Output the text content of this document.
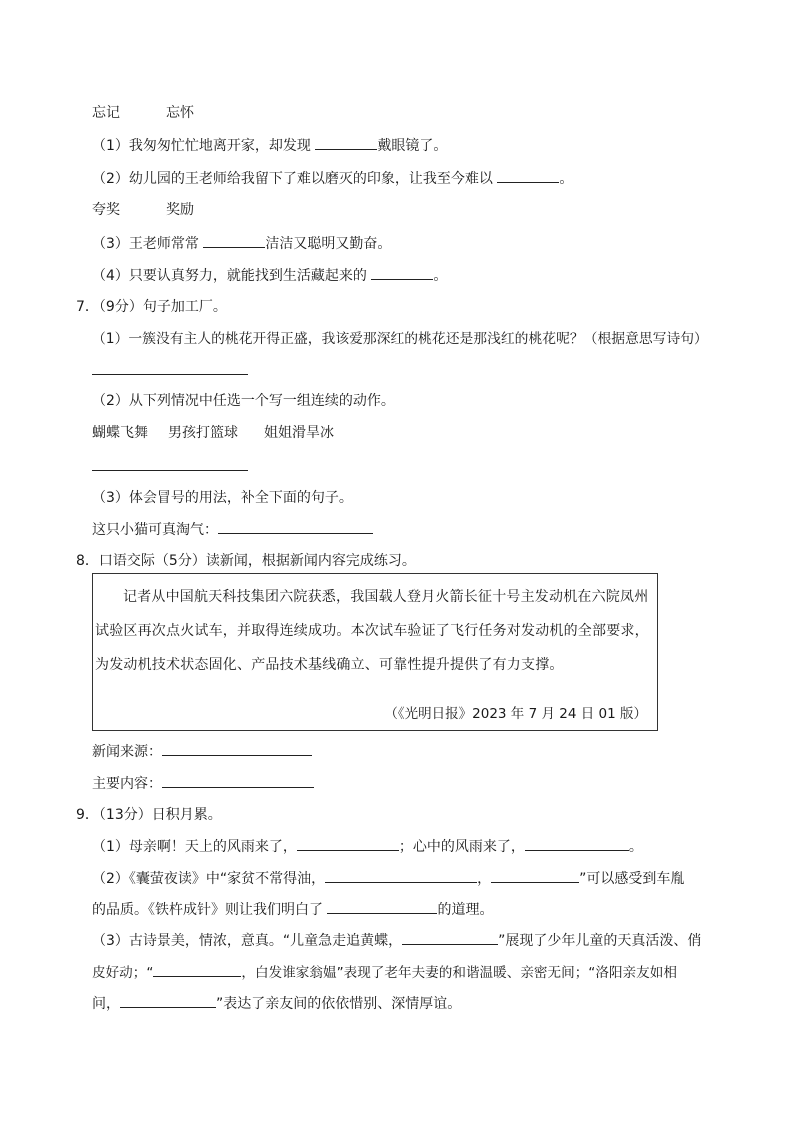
忘记	忘怀
（1）我匆匆忙忙地离开家，却发现	戴眼镜了。
（2）幼儿园的王老师给我留下了难以磨灭的印象，让我至今难以	。
夸奖	奖励
（3）王老师常常	洁洁又聪明又勤奋。
（4）只要认真努力，就能找到生活藏起来的	。
7．（9分）句子加工厂。
（1）一簇没有主人的桃花开得正盛，我该爱那深红的桃花还是那浅红的桃花呢？（根据意思写诗句）
（2）从下列情况中任选一个写一组连续的动作。
蝴蝶飞舞 男孩打篮球 姐姐滑旱冰
（3）体会冒号的用法，补全下面的句子。
这只小猫可真淘气：
8．口语交际（5分）读新闻，根据新闻内容完成练习。
记者从中国航天科技集团六院获悉，我国载人登月火箭长征十号主发动机在六院凤州试验区再次点火试车，并取得连续成功。本次试车验证了飞行任务对发动机的全部要求，为发动机技术状态固化、产品技术基线确立、可靠性提升提供了有力支撑。
（《光明日报》2023 年 7 月 24 日 01 版）
新闻来源：
主要内容：
9．（13分）日积月累。
（1）母亲啊！天上的风雨来了，	；心中的风雨来了，	。
（2）《囊萤夜读》中“家贫不常得油，	，	”可以感受到车胤
的品质。《铁杵成针》则让我们明白了	的道理。
（3）古诗景美，情浓，意真。“儿童急走追黄蝶，	”展现了少年儿童的天真活泼、俏
皮好动；“	，白发谁家翁媪”表现了老年夫妻的和谐温暖、亲密无间；“洛阳亲友如相
问，	”表达了亲友间的依依惜别、深情厚谊。
